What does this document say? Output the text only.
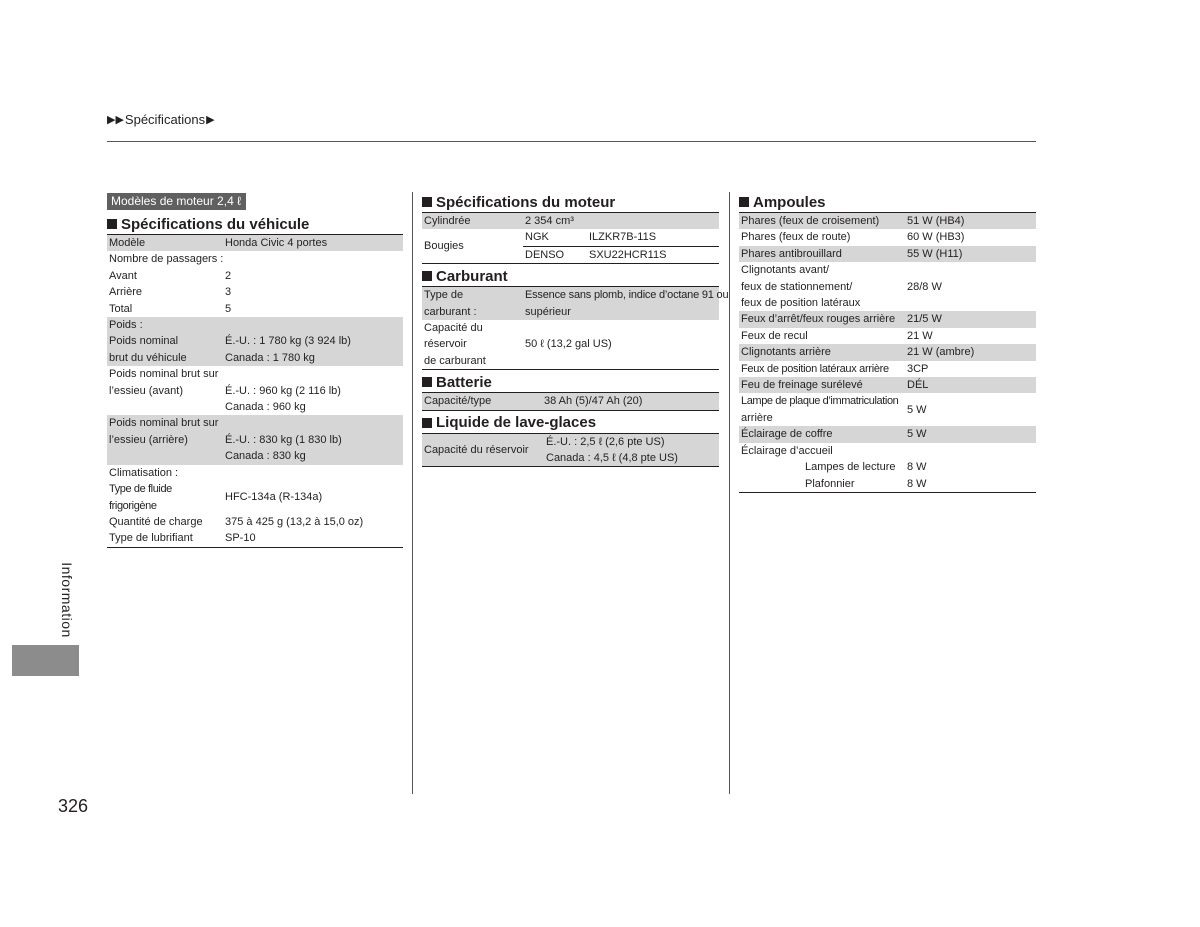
▶▶ Spécifications ▶
Modèles de moteur 2,4 ℓ
Spécifications du véhicule
Modèle	Honda Civic 4 portes
Nombre de passagers :	
Avant	2
Arrière	3
Total	5
Poids :	
Poids nominal	É.-U. : 1 780 kg (3 924 lb)
brut du véhicule	Canada : 1 780 kg
Poids nominal brut sur	
l’essieu (avant)	É.-U. : 960 kg (2 116 lb)
	Canada : 960 kg
Poids nominal brut sur	
l’essieu (arrière)	É.-U. : 830 kg (1 830 lb)
	Canada : 830 kg
Climatisation :	
Type de fluide frigorigène	HFC-134a (R-134a)
Quantité de charge	375 à 425 g (13,2 à 15,0 oz)
Type de lubrifiant	SP-10
Spécifications du moteur
Cylindrée	2 354 cm³	
Bougies	NGK	ILZKR7B-11S
	DENSO	SXU22HCR11S
Carburant
Type de	Essence sans plomb, indice d’octane 91 ou
carburant :	supérieur
Capacité du réservoir	50 ℓ (13,2 gal US)
de carburant	
Batterie
Capacité/type	38 Ah (5)/47 Ah (20)
Liquide de lave-glaces
Capacité du réservoir	É.-U. : 2,5 ℓ (2,6 pte US)
Canada : 4,5 ℓ (4,8 pte US)
Ampoules
Phares (feux de croisement)	51 W (HB4)
Phares (feux de route)	60 W (HB3)
Phares antibrouillard	55 W (H11)
Clignotants avant/	
feux de stationnement/	28/8 W
feux de position latéraux	
Feux d’arrêt/feux rouges arrière	21/5 W
Feux de recul	21 W
Clignotants arrière	21 W (ambre)
Feux de position latéraux arrière	3CP
Feu de freinage surélevé	DÉL
Lampe de plaque d’immatriculation	5 W
arrière	
Éclairage de coffre	5 W
Éclairage d’accueil	
Lampes de lecture	8 W
Plafonnier	8 W
Information
326
